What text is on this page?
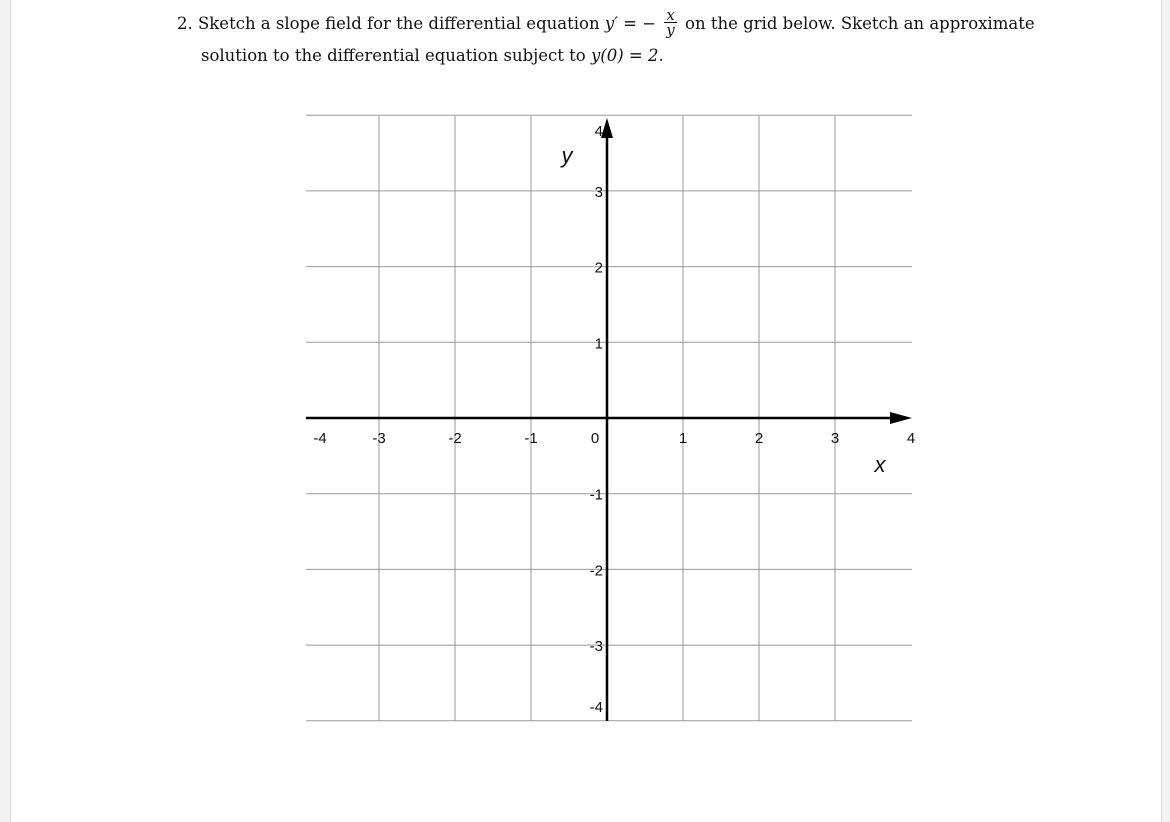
2. Sketch a slope field for the differential equation y′ = − $\frac{x}{y}$ on the grid below. Sketch an approximate
solution to the differential equation subject to y(0) = 2.
-4	-3	-2	-1	0	1	2	3	4
4
3
2
1
-1
-2
-3
-4
y
x
